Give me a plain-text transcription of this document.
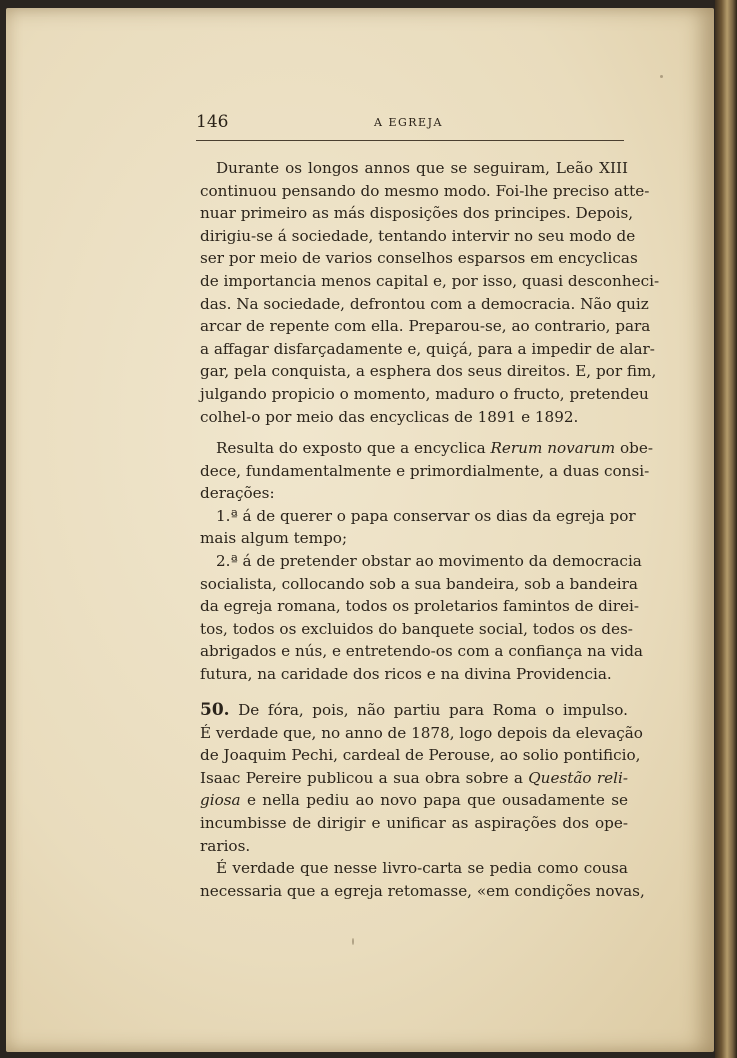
146	A EGREJA
Durante os longos annos que se seguiram, Leão XIII
continuou pensando do mesmo modo. Foi-lhe preciso atte-
nuar primeiro as más disposições dos principes. Depois,
dirigiu-se á sociedade, tentando intervir no seu modo de
ser por meio de varios conselhos esparsos em encyclicas
de importancia menos capital e, por isso, quasi desconheci-
das. Na sociedade, defrontou com a democracia. Não quiz
arcar de repente com ella. Preparou-se, ao contrario, para
a affagar disfarçadamente e, quiçá, para a impedir de alar-
gar, pela conquista, a esphera dos seus direitos. E, por fim,
julgando propicio o momento, maduro o fructo, pretendeu
colhel-o por meio das encyclicas de 1891 e 1892.
Resulta do exposto que a encyclica Rerum novarum obe-
dece, fundamentalmente e primordialmente, a duas consi-
derações:
1.ª á de querer o papa conservar os dias da egreja por
mais algum tempo;
2.ª á de pretender obstar ao movimento da democracia
socialista, collocando sob a sua bandeira, sob a bandeira
da egreja romana, todos os proletarios famintos de direi-
tos, todos os excluidos do banquete social, todos os des-
abrigados e nús, e entretendo-os com a confiança na vida
futura, na caridade dos ricos e na divina Providencia.
50. De fóra, pois, não partiu para Roma o impulso.
É verdade que, no anno de 1878, logo depois da elevação
de Joaquim Pechi, cardeal de Perouse, ao solio pontificio,
Isaac Pereire publicou a sua obra sobre a Questão reli-
giosa e nella pediu ao novo papa que ousadamente se
incumbisse de dirigir e unificar as aspirações dos ope-
rarios.
É verdade que nesse livro-carta se pedia como cousa
necessaria que a egreja retomasse, «em condições novas,
